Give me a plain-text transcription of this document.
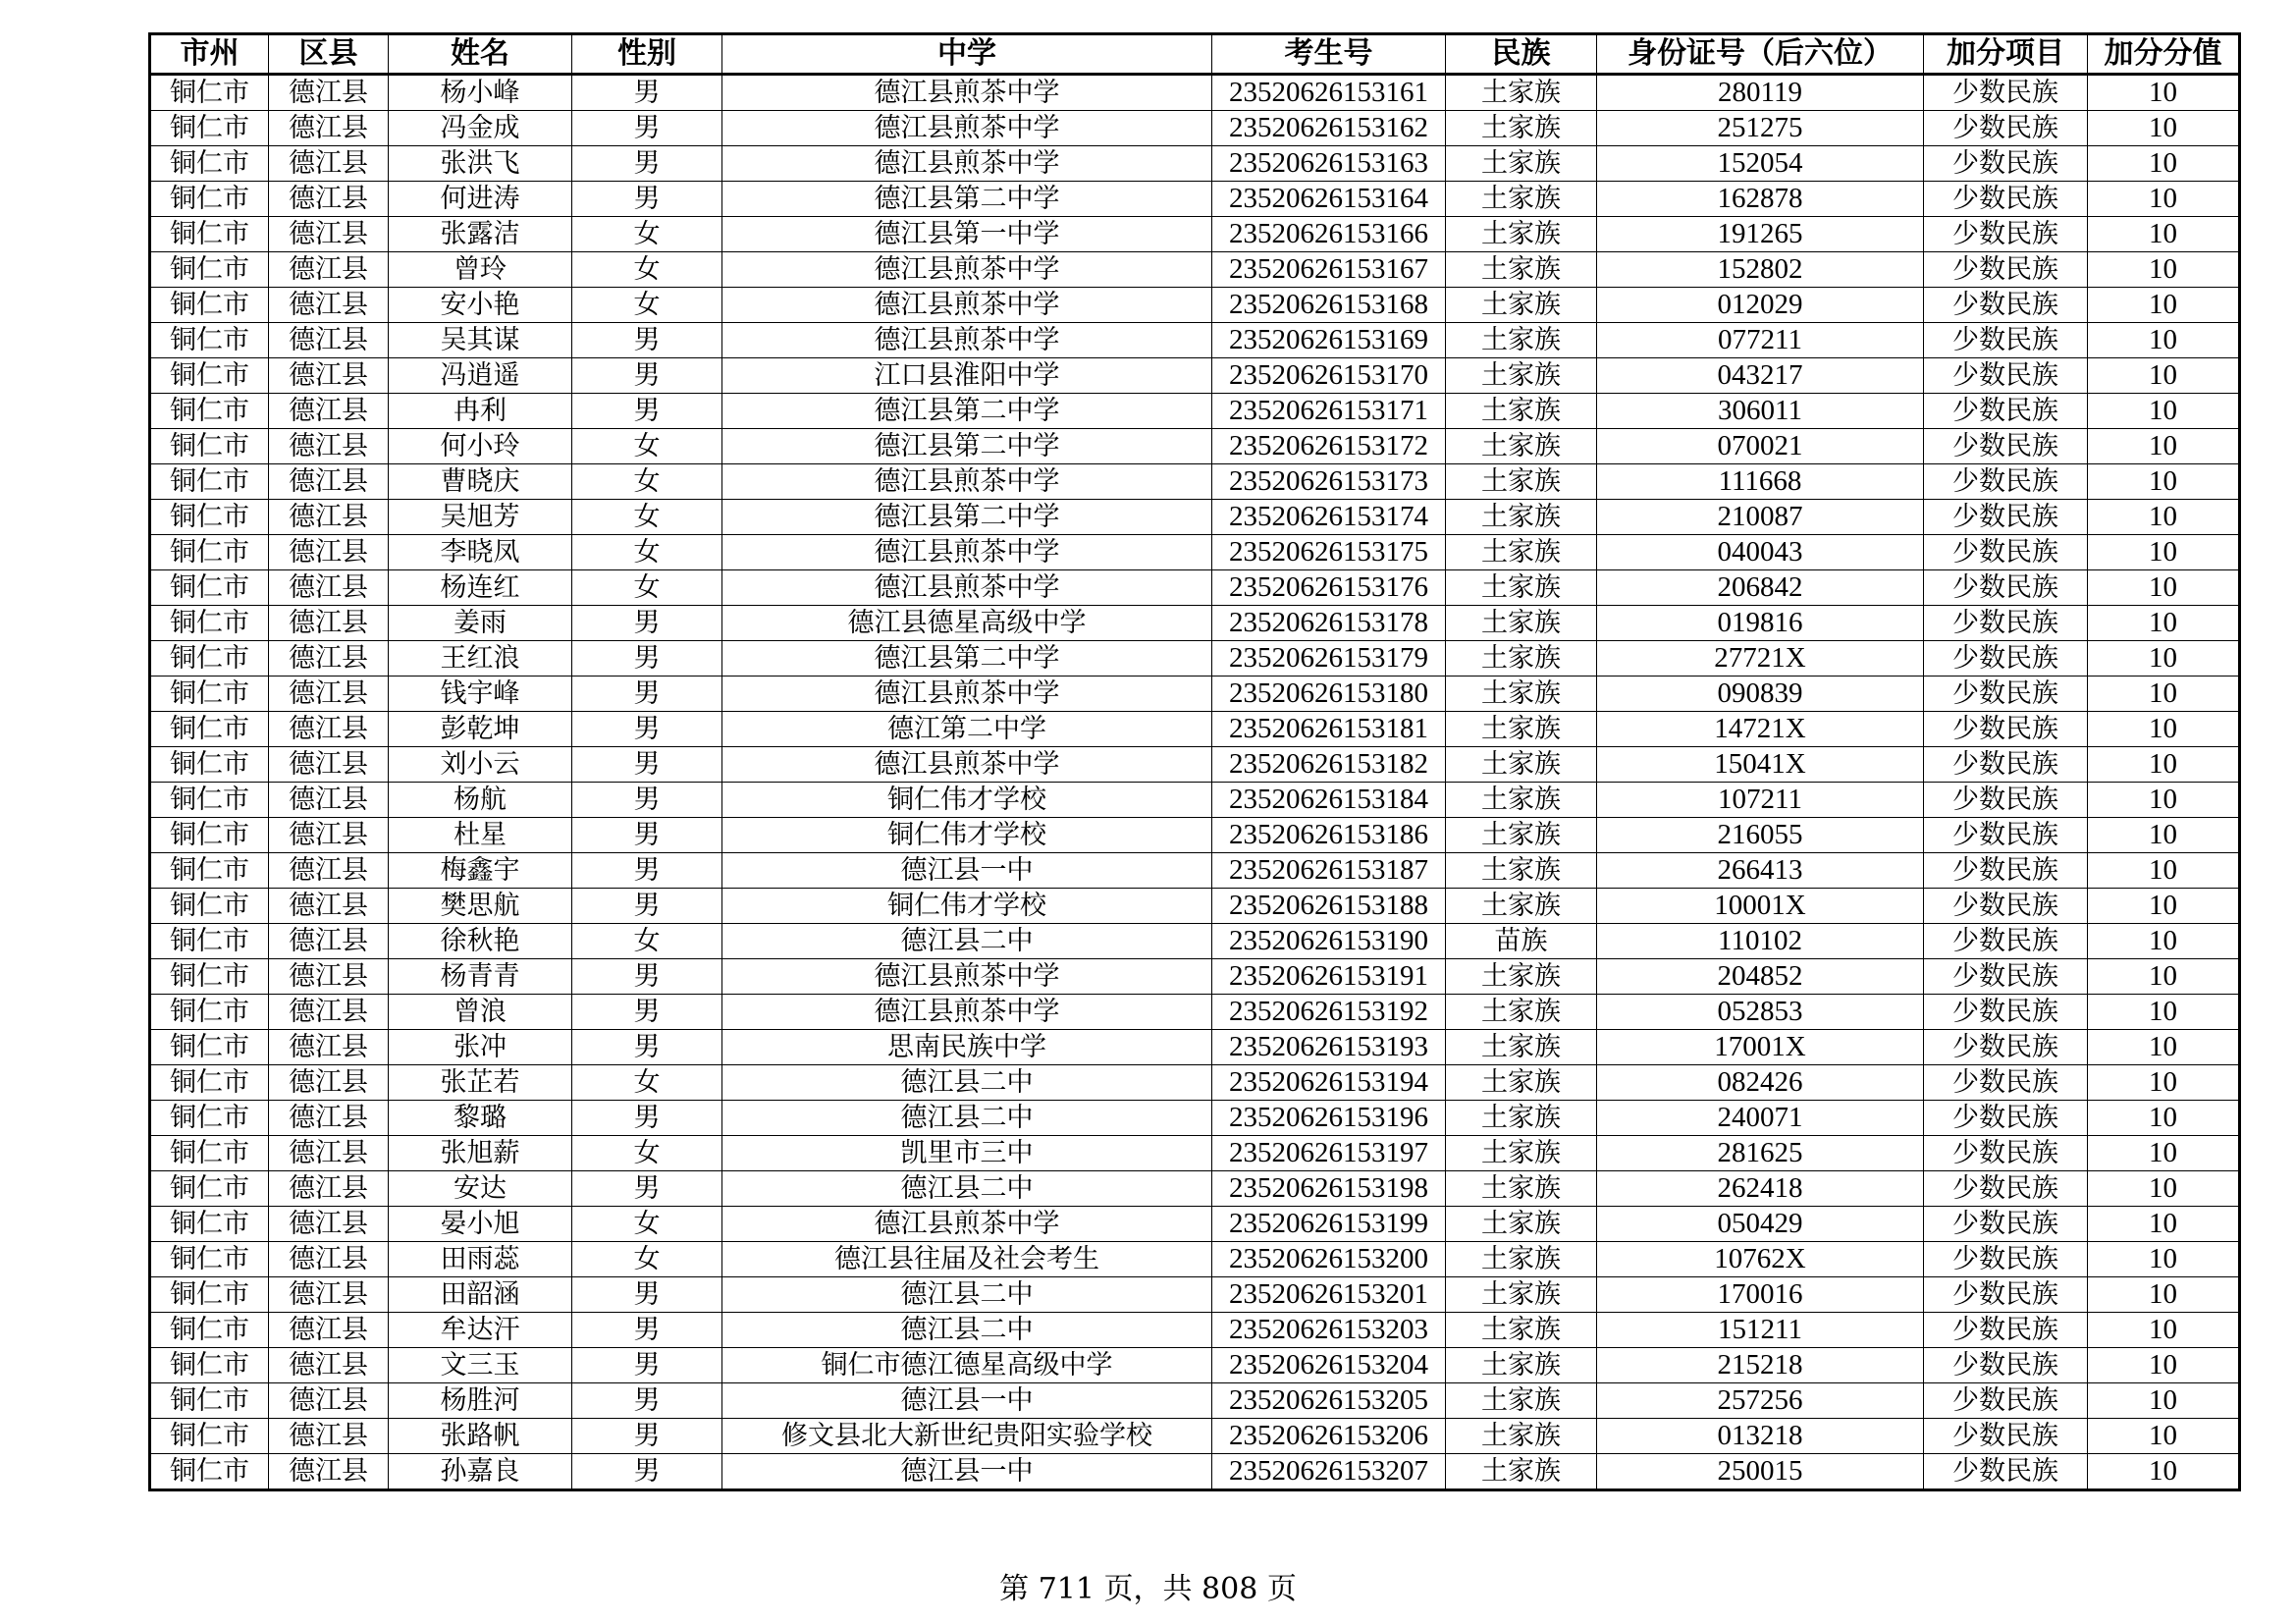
市州	区县	姓名	性别	中学	考生号	民族	身份证号（后六位）	加分项目	加分分值
铜仁市	德江县	杨小峰	男	德江县煎茶中学	23520626153161	土家族	280119	少数民族	10
铜仁市	德江县	冯金成	男	德江县煎茶中学	23520626153162	土家族	251275	少数民族	10
铜仁市	德江县	张洪飞	男	德江县煎茶中学	23520626153163	土家族	152054	少数民族	10
铜仁市	德江县	何进涛	男	德江县第二中学	23520626153164	土家族	162878	少数民族	10
铜仁市	德江县	张露洁	女	德江县第一中学	23520626153166	土家族	191265	少数民族	10
铜仁市	德江县	曾玲	女	德江县煎茶中学	23520626153167	土家族	152802	少数民族	10
铜仁市	德江县	安小艳	女	德江县煎茶中学	23520626153168	土家族	012029	少数民族	10
铜仁市	德江县	吴其谋	男	德江县煎茶中学	23520626153169	土家族	077211	少数民族	10
铜仁市	德江县	冯逍遥	男	江口县淮阳中学	23520626153170	土家族	043217	少数民族	10
铜仁市	德江县	冉利	男	德江县第二中学	23520626153171	土家族	306011	少数民族	10
铜仁市	德江县	何小玲	女	德江县第二中学	23520626153172	土家族	070021	少数民族	10
铜仁市	德江县	曹晓庆	女	德江县煎茶中学	23520626153173	土家族	111668	少数民族	10
铜仁市	德江县	吴旭芳	女	德江县第二中学	23520626153174	土家族	210087	少数民族	10
铜仁市	德江县	李晓凤	女	德江县煎茶中学	23520626153175	土家族	040043	少数民族	10
铜仁市	德江县	杨连红	女	德江县煎茶中学	23520626153176	土家族	206842	少数民族	10
铜仁市	德江县	姜雨	男	德江县德星高级中学	23520626153178	土家族	019816	少数民族	10
铜仁市	德江县	王红浪	男	德江县第二中学	23520626153179	土家族	27721X	少数民族	10
铜仁市	德江县	钱宇峰	男	德江县煎茶中学	23520626153180	土家族	090839	少数民族	10
铜仁市	德江县	彭乾坤	男	德江第二中学	23520626153181	土家族	14721X	少数民族	10
铜仁市	德江县	刘小云	男	德江县煎茶中学	23520626153182	土家族	15041X	少数民族	10
铜仁市	德江县	杨航	男	铜仁伟才学校	23520626153184	土家族	107211	少数民族	10
铜仁市	德江县	杜星	男	铜仁伟才学校	23520626153186	土家族	216055	少数民族	10
铜仁市	德江县	梅鑫宇	男	德江县一中	23520626153187	土家族	266413	少数民族	10
铜仁市	德江县	樊思航	男	铜仁伟才学校	23520626153188	土家族	10001X	少数民族	10
铜仁市	德江县	徐秋艳	女	德江县二中	23520626153190	苗族	110102	少数民族	10
铜仁市	德江县	杨青青	男	德江县煎茶中学	23520626153191	土家族	204852	少数民族	10
铜仁市	德江县	曾浪	男	德江县煎茶中学	23520626153192	土家族	052853	少数民族	10
铜仁市	德江县	张冲	男	思南民族中学	23520626153193	土家族	17001X	少数民族	10
铜仁市	德江县	张芷若	女	德江县二中	23520626153194	土家族	082426	少数民族	10
铜仁市	德江县	黎璐	男	德江县二中	23520626153196	土家族	240071	少数民族	10
铜仁市	德江县	张旭薪	女	凯里市三中	23520626153197	土家族	281625	少数民族	10
铜仁市	德江县	安达	男	德江县二中	23520626153198	土家族	262418	少数民族	10
铜仁市	德江县	晏小旭	女	德江县煎茶中学	23520626153199	土家族	050429	少数民族	10
铜仁市	德江县	田雨蕊	女	德江县往届及社会考生	23520626153200	土家族	10762X	少数民族	10
铜仁市	德江县	田韶涵	男	德江县二中	23520626153201	土家族	170016	少数民族	10
铜仁市	德江县	牟达汗	男	德江县二中	23520626153203	土家族	151211	少数民族	10
铜仁市	德江县	文三玉	男	铜仁市德江德星高级中学	23520626153204	土家族	215218	少数民族	10
铜仁市	德江县	杨胜河	男	德江县一中	23520626153205	土家族	257256	少数民族	10
铜仁市	德江县	张路帆	男	修文县北大新世纪贵阳实验学校	23520626153206	土家族	013218	少数民族	10
铜仁市	德江县	孙嘉良	男	德江县一中	23520626153207	土家族	250015	少数民族	10
第 711 页，共 808 页
